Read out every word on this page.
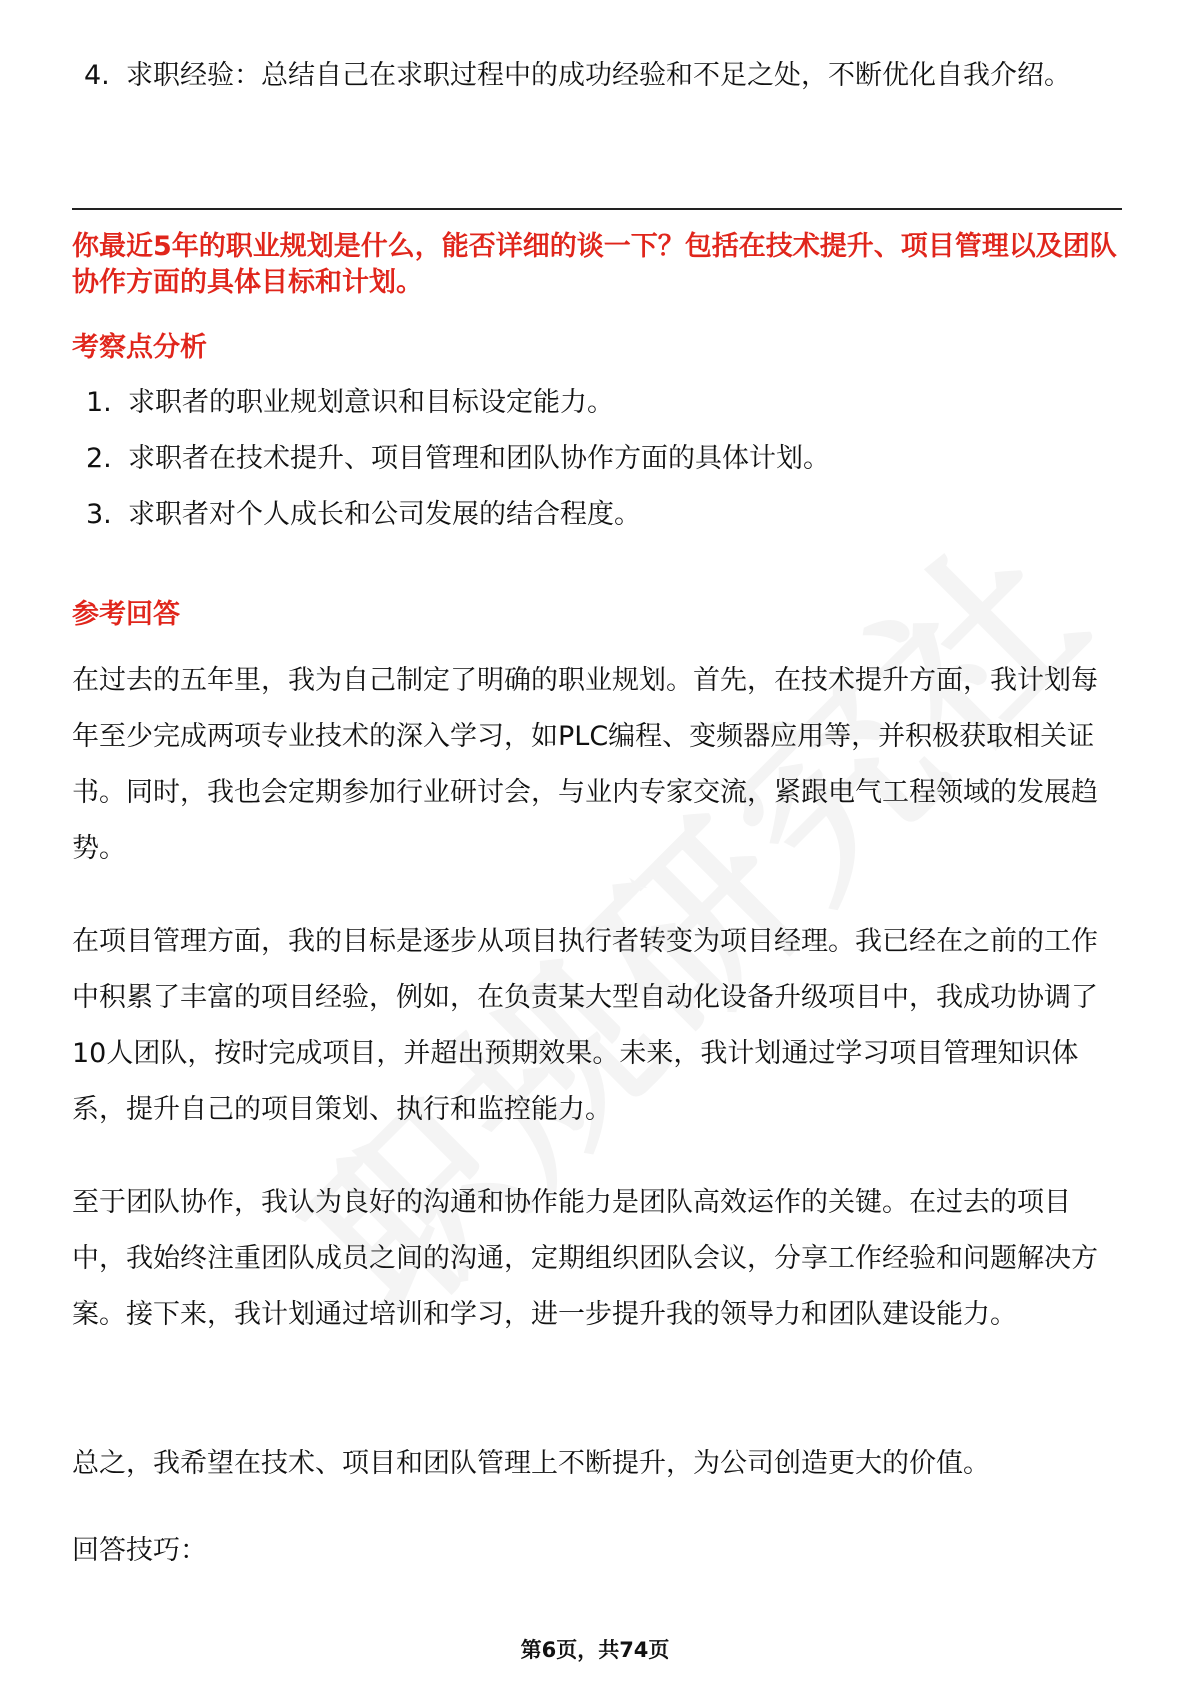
4. 求职经验：总结自己在求职过程中的成功经验和不足之处，不断优化自我介绍。
你最近5年的职业规划是什么，能否详细的谈一下？包括在技术提升、项目管理以及团队协作方面的具体目标和计划。
考察点分析
1. 求职者的职业规划意识和目标设定能力。
2. 求职者在技术提升、项目管理和团队协作方面的具体计划。
3. 求职者对个人成长和公司发展的结合程度。
参考回答

在过去的五年里，我为自己制定了明确的职业规划。首先，在技术提升方面，我计划每年至少完成两项专业技术的深入学习，如PLC编程、变频器应用等，并积极获取相关证书。同时，我也会定期参加行业研讨会，与业内专家交流，紧跟电气工程领域的发展趋势。

在项目管理方面，我的目标是逐步从项目执行者转变为项目经理。我已经在之前的工作中积累了丰富的项目经验，例如，在负责某大型自动化设备升级项目中，我成功协调了10人团队，按时完成项目，并超出预期效果。未来，我计划通过学习项目管理知识体系，提升自己的项目策划、执行和监控能力。

至于团队协作，我认为良好的沟通和协作能力是团队高效运作的关键。在过去的项目中，我始终注重团队成员之间的沟通，定期组织团队会议，分享工作经验和问题解决方案。接下来，我计划通过培训和学习，进一步提升我的领导力和团队建设能力。

总之，我希望在技术、项目和团队管理上不断提升，为公司创造更大的价值。

回答技巧：

第6页，共74页
